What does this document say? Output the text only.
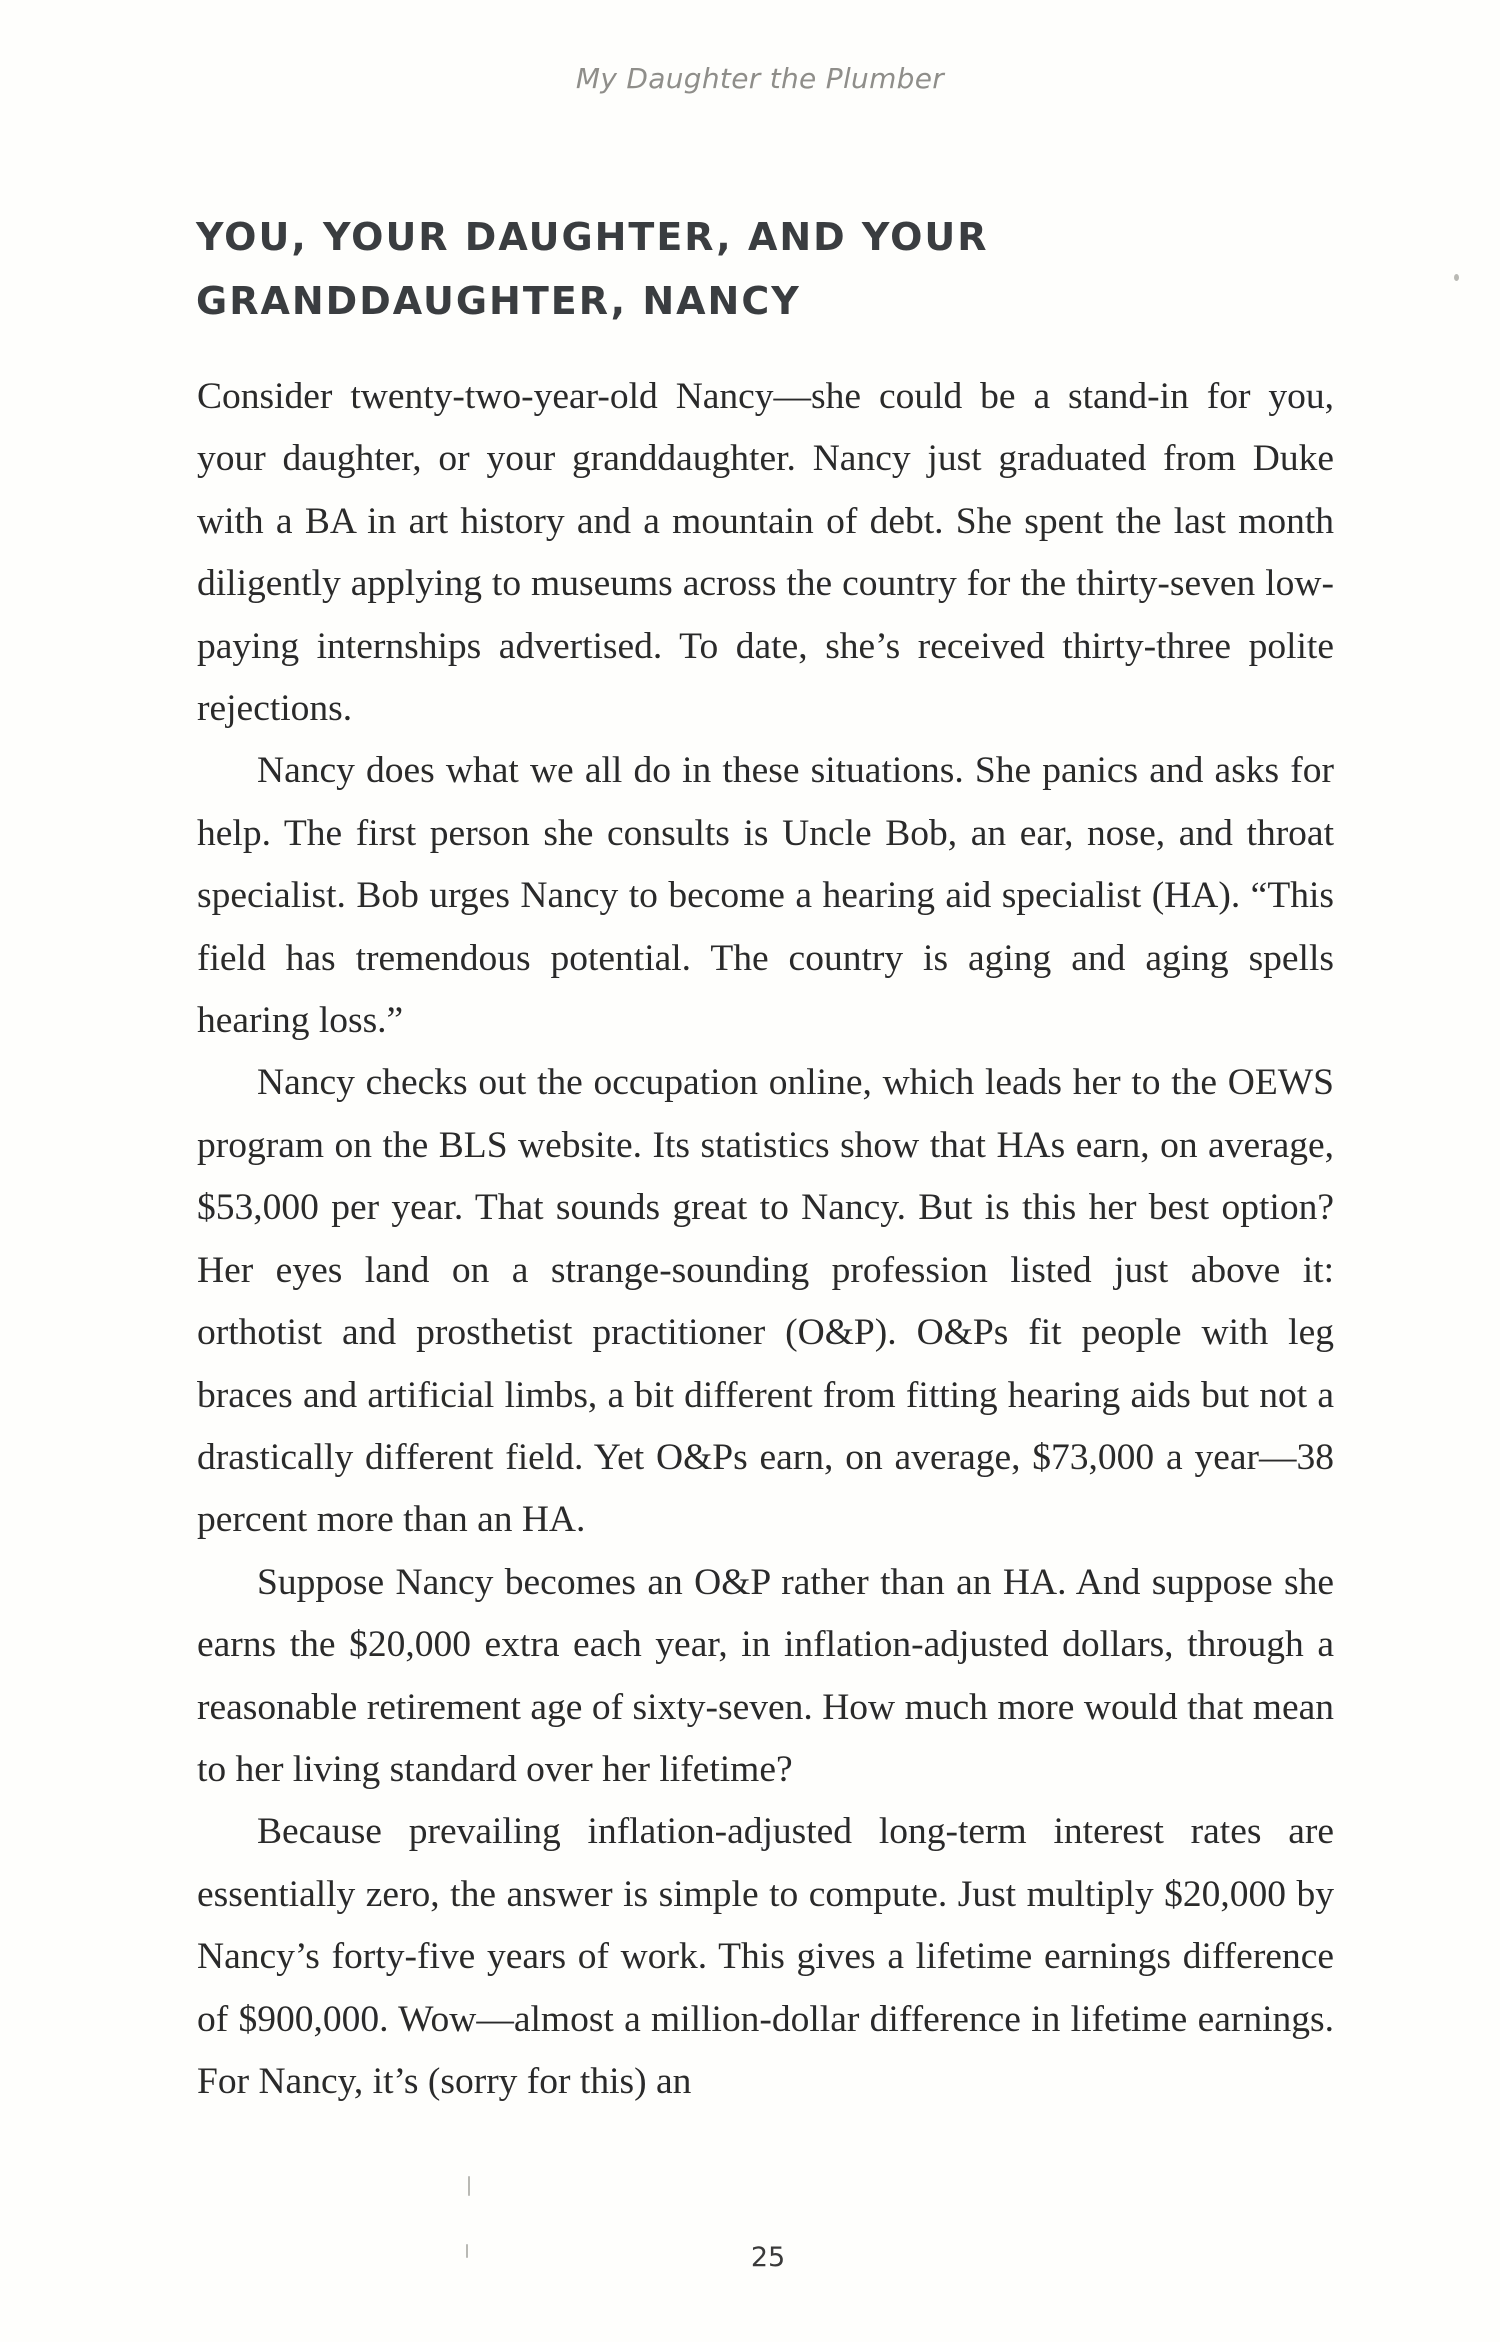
My Daughter the Plumber
YOU, YOUR DAUGHTER, AND YOUR
GRANDDAUGHTER, NANCY

Consider twenty-two-year-old Nancy—she could be a stand-in for you, your daughter, or your granddaughter. Nancy just graduated from Duke with a BA in art history and a mountain of debt. She spent the last month diligently applying to museums across the country for the thirty-seven low-paying internships advertised. To date, she’s received thirty-three polite rejections.

Nancy does what we all do in these situations. She panics and asks for help. The first person she consults is Uncle Bob, an ear, nose, and throat specialist. Bob urges Nancy to become a hearing aid specialist (HA). “This field has tremendous potential. The country is aging and aging spells hearing loss.”

Nancy checks out the occupation online, which leads her to the OEWS program on the BLS website. Its statistics show that HAs earn, on average, $53,000 per year. That sounds great to Nancy. But is this her best option? Her eyes land on a strange-sounding profession listed just above it: orthotist and prosthetist practitioner (O&P). O&Ps fit people with leg braces and artificial limbs, a bit different from fitting hearing aids but not a drastically different field. Yet O&Ps earn, on average, $73,000 a year—38 percent more than an HA.

Suppose Nancy becomes an O&P rather than an HA. And suppose she earns the $20,000 extra each year, in inflation-adjusted dollars, through a reasonable retirement age of sixty-seven. How much more would that mean to her living standard over her lifetime?

Because prevailing inflation-adjusted long-term interest rates are essentially zero, the answer is simple to compute. Just multiply $20,000 by Nancy’s forty-five years of work. This gives a lifetime earnings difference of $900,000. Wow—almost a million-dollar difference in lifetime earnings. For Nancy, it’s (sorry for this) an

25
